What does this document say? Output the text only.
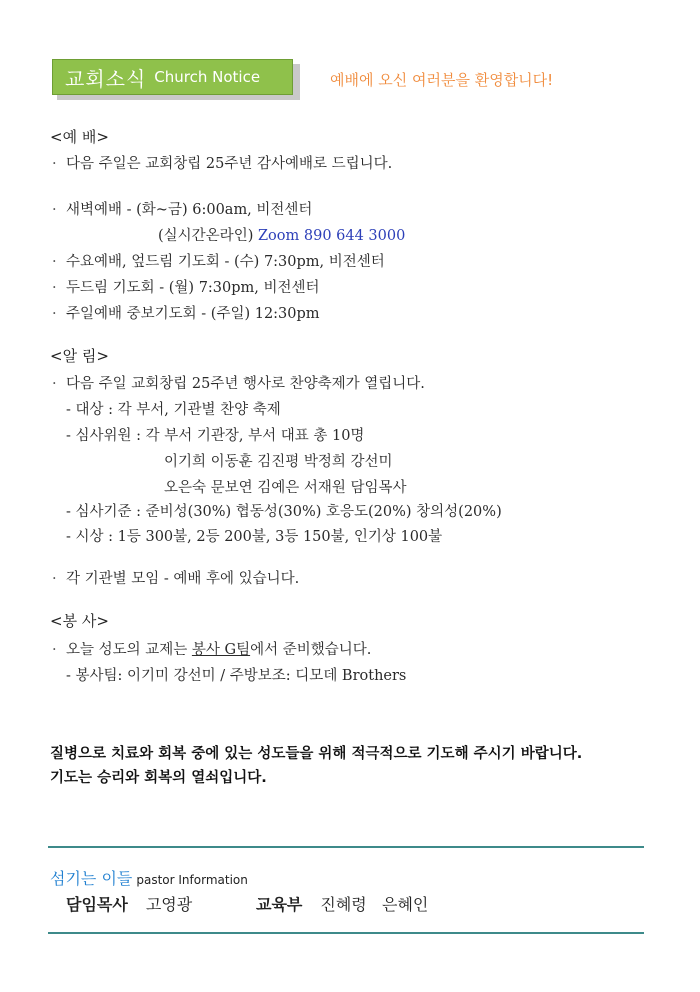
교회소식 Church Notice	예배에 오신 여러분을 환영합니다!
<예 배>
· 다음 주일은 교회창립 25주년 감사예배로 드립니다.
· 새벽예배 - (화~금) 6:00am, 비전센터
(실시간온라인) Zoom 890 644 3000
· 수요예배, 엎드림 기도회 - (수) 7:30pm, 비전센터
· 두드림 기도회 - (월) 7:30pm, 비전센터
· 주일예배 중보기도회 - (주일) 12:30pm
<알 림>
· 다음 주일 교회창립 25주년 행사로 찬양축제가 열립니다.
- 대상 : 각 부서, 기관별 찬양 축제
- 심사위원 : 각 부서 기관장, 부서 대표 총 10명
이기희 이동훈 김진평 박정희 강선미
오은숙 문보연 김예은 서재원 담임목사
- 심사기준 : 준비성(30%) 협동성(30%) 호응도(20%) 창의성(20%)
- 시상 : 1등 300불, 2등 200불, 3등 150불, 인기상 100불
· 각 기관별 모임 - 예배 후에 있습니다.
<봉 사>
· 오늘 성도의 교제는 봉사 G팀에서 준비했습니다.
- 봉사팀: 이기미 강선미 / 주방보조: 디모데 Brothers
질병으로 치료와 회복 중에 있는 성도들을 위해 적극적으로 기도해 주시기 바랍니다.
기도는 승리와 회복의 열쇠입니다.
섬기는 이들 pastor Information
담임목사 고영광	교육부 진혜령   은혜인
